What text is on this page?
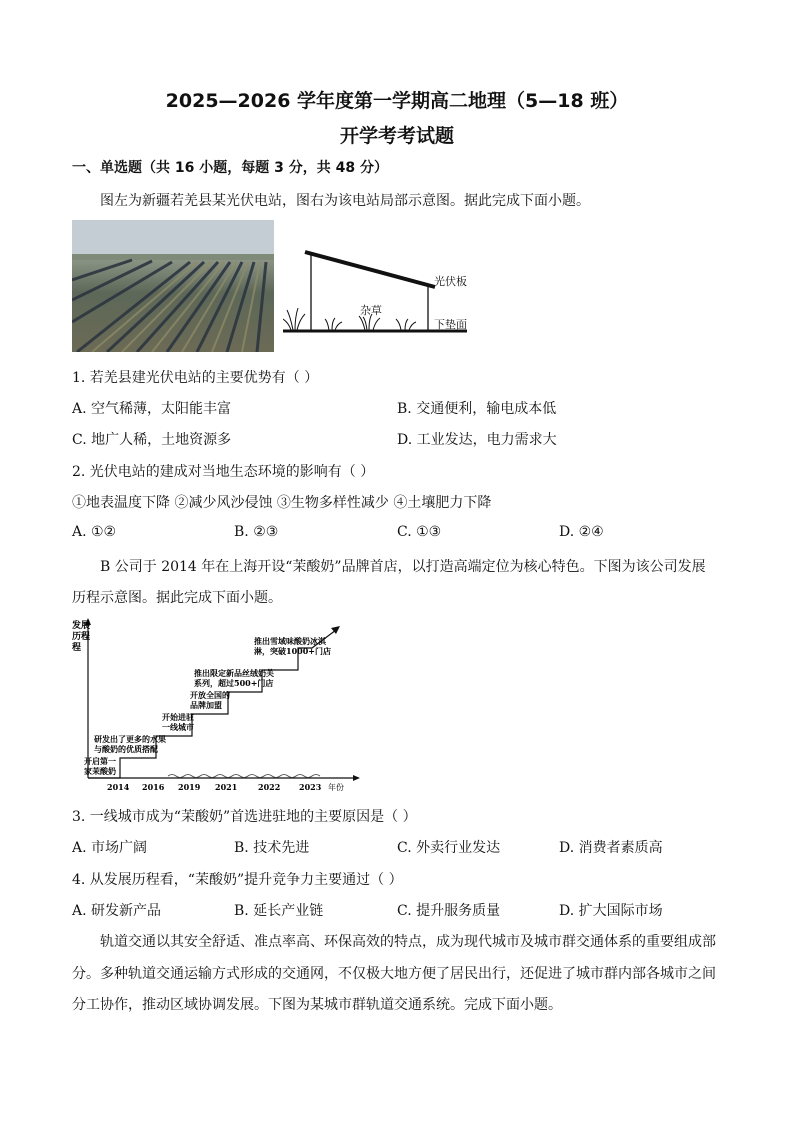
2025—2026 学年度第一学期高二地理（5—18 班）
开学考考试题
一、单选题（共 16 小题，每题 3 分，共 48 分）
图左为新疆若羌县某光伏电站，图右为该电站局部示意图。据此完成下面小题。
光伏板
杂草
下垫面
1. 若羌县建光伏电站的主要优势有（ ）
A. 空气稀薄，太阳能丰富	B. 交通便利，输电成本低
C. 地广人稀，土地资源多	D. 工业发达，电力需求大
2. 光伏电站的建成对当地生态环境的影响有（ ）
①地表温度下降 ②减少风沙侵蚀 ③生物多样性减少 ④土壤肥力下降
A. ①②	B. ②③	C. ①③	D. ②④
B 公司于 2014 年在上海开设“茉酸奶”品牌首店，以打造高端定位为核心特色。下图为该公司发展
历程示意图。据此完成下面小题。
发展
历程
程
2014 2016 2019 2021	2022 2023 年份
开启第一
家茉酸奶
研发出了更多的水果
与酸奶的优质搭配
开始进驻
一线城市
开放全国的
品牌加盟
推出限定新品丝绒奶芙
系列，超过500+门店
推出雪域味酸奶冰淇
淋，突破1000+门店
3. 一线城市成为“茉酸奶”首选进驻地的主要原因是（ ）
A. 市场广阔	B. 技术先进	C. 外卖行业发达	D. 消费者素质高
4. 从发展历程看，“茉酸奶”提升竞争力主要通过（ ）
A. 研发新产品	B. 延长产业链	C. 提升服务质量	D. 扩大国际市场
轨道交通以其安全舒适、准点率高、环保高效的特点，成为现代城市及城市群交通体系的重要组成部
分。多种轨道交通运输方式形成的交通网，不仅极大地方便了居民出行，还促进了城市群内部各城市之间
分工协作，推动区域协调发展。下图为某城市群轨道交通系统。完成下面小题。
